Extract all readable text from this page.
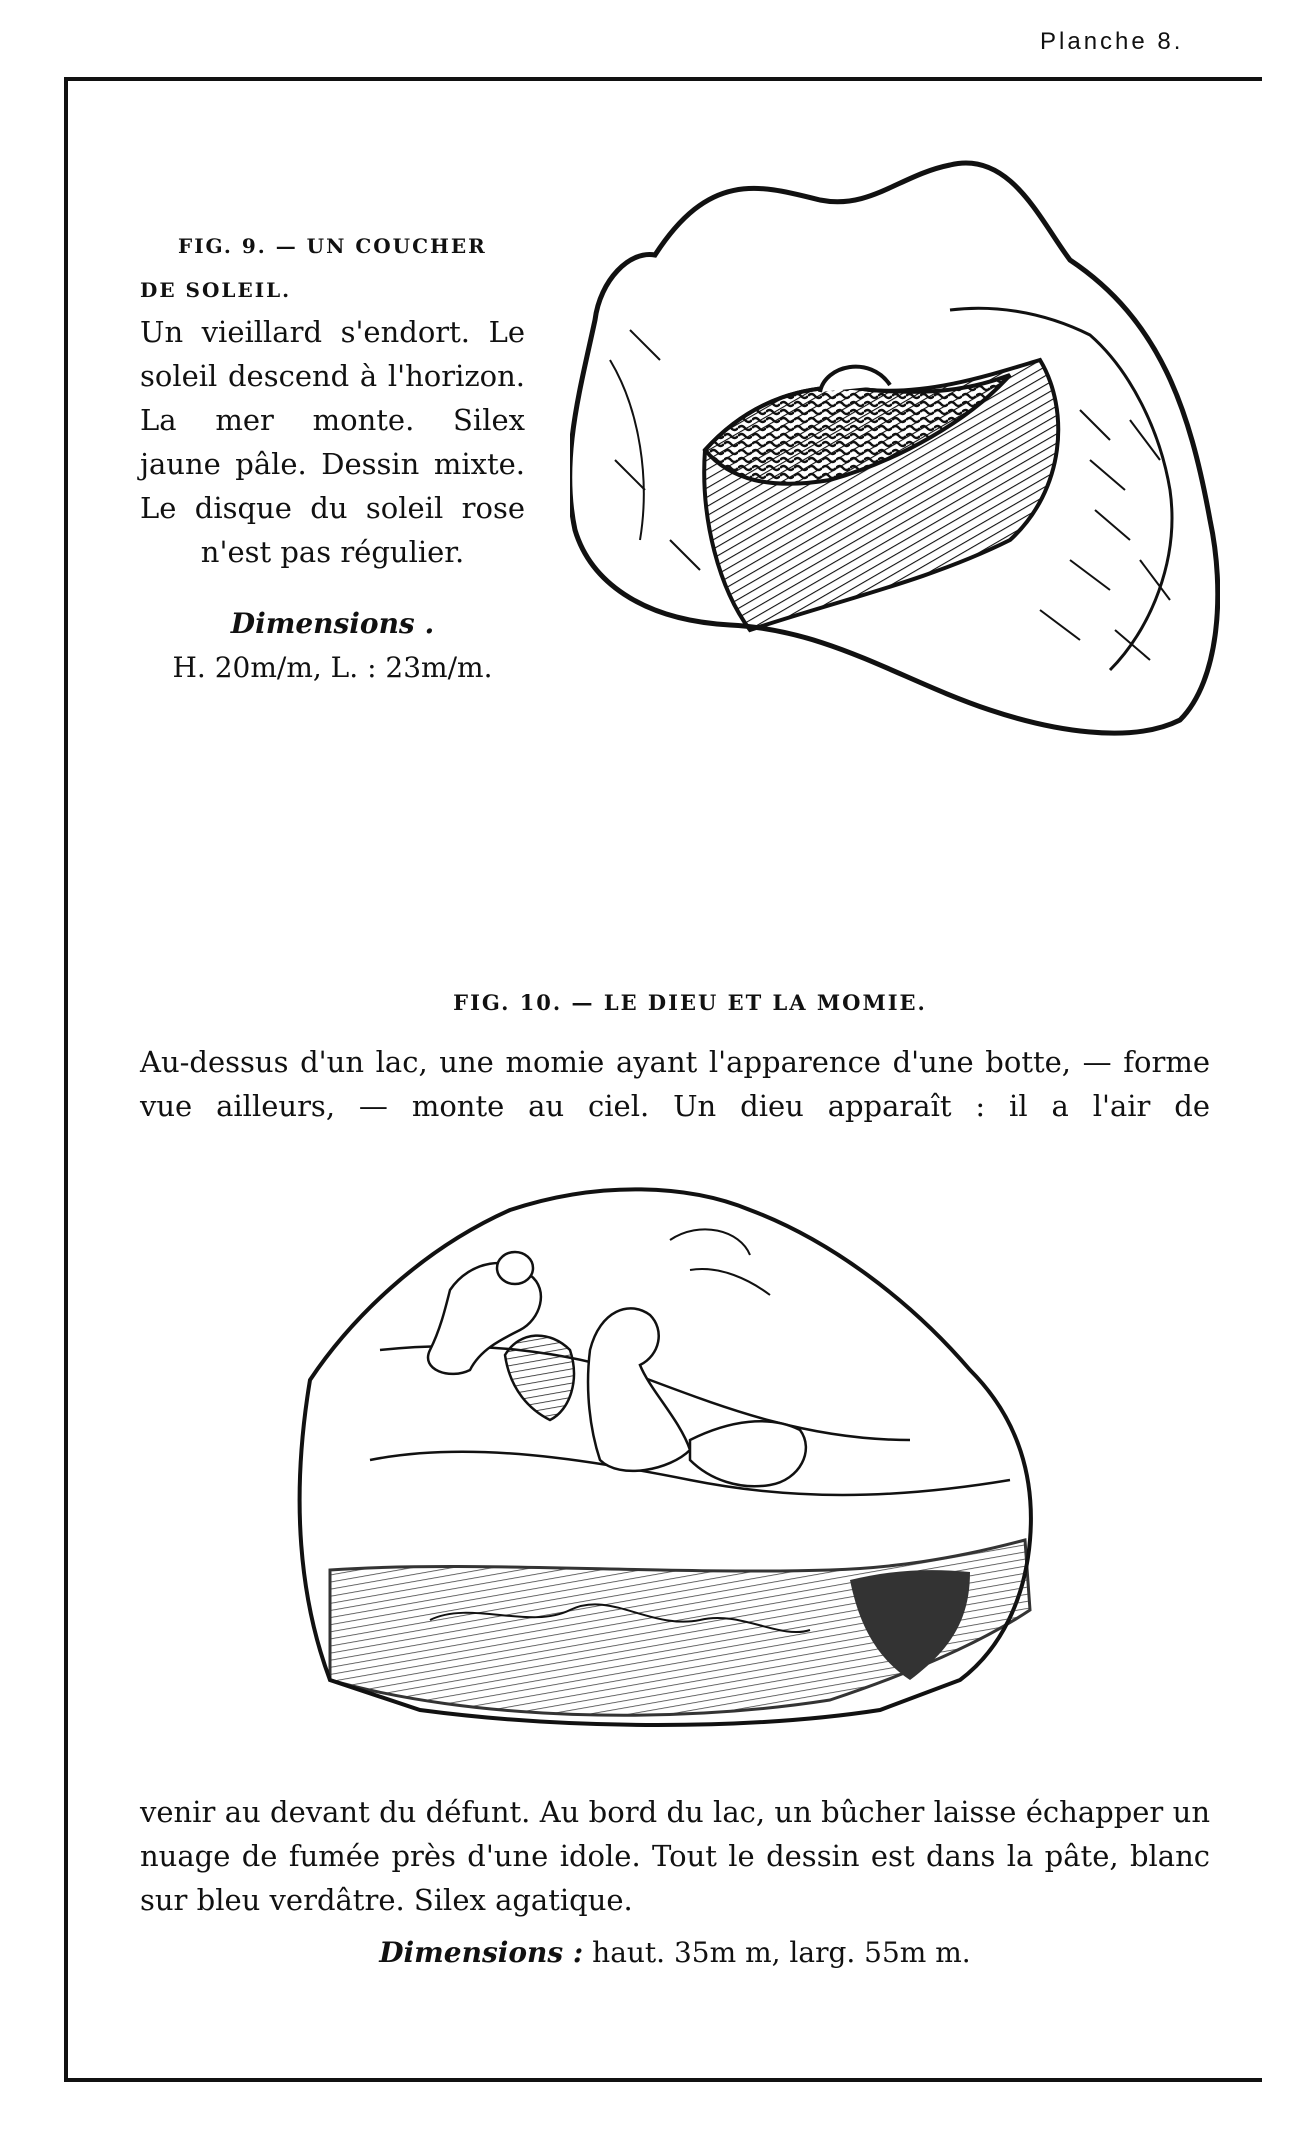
Planche 8.
FIG. 9. — UN COUCHER
DE SOLEIL.
Un vieillard s'endort. Le soleil descend à l'horizon. La mer monte. Silex jaune pâle. Dessin mixte. Le disque du soleil rose n'est pas régulier.
Dimensions .
H. 20m/m, L. : 23m/m.
FIG. 10. — LE DIEU ET LA MOMIE.
Au-dessus d'un lac, une momie ayant l'apparence d'une botte, — forme vue ailleurs, — monte au ciel. Un dieu apparaît : il a l'air de
venir au devant du défunt. Au bord du lac, un bûcher laisse échapper un nuage de fumée près d'une idole. Tout le dessin est dans la pâte, blanc sur bleu verdâtre. Silex agatique.
Dimensions : haut. 35m m, larg. 55m m.
